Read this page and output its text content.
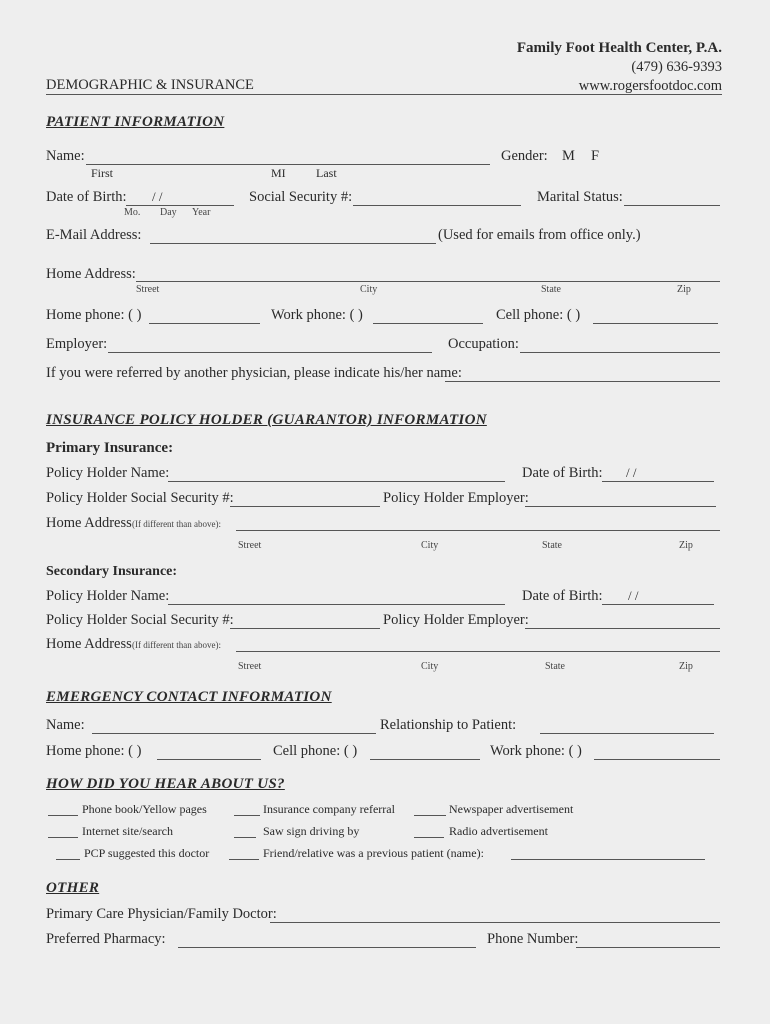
Family Foot Health Center, P.A.
(479) 636-9393
www.rogersfootdoc.com
DEMOGRAPHIC & INSURANCE
PATIENT INFORMATION
Name:	Gender: M F
First	MI	Last
Date of Birth: / /
Mo. Day Year
Social Security #:	Marital Status:
E-Mail Address:	(Used for emails from office only.)
Home Address:
Street	City	State	Zip
Home phone: ( )	Work phone: ( )	Cell phone: ( )
Employer:	Occupation:
If you were referred by another physician, please indicate his/her name:
INSURANCE POLICY HOLDER (GUARANTOR) INFORMATION
Primary Insurance:
Policy Holder Name:	Date of Birth: / /
Policy Holder Social Security #:	Policy Holder Employer:
Home Address (If different than above):
Street	City	State	Zip
Secondary Insurance:
Policy Holder Name:	Date of Birth: / /
Policy Holder Social Security #:	Policy Holder Employer:
Home Address (If different than above):
Street	City	State	Zip
EMERGENCY CONTACT INFORMATION
Name:	Relationship to Patient:
Home phone: ( )	Cell phone: ( )	Work phone: ( )
HOW DID YOU HEAR ABOUT US?
Phone book/Yellow pages	Insurance company referral	Newspaper advertisement
Internet site/search	Saw sign driving by	Radio advertisement
PCP suggested this doctor	Friend/relative was a previous patient (name):
OTHER
Primary Care Physician/Family Doctor:
Preferred Pharmacy:	Phone Number:
